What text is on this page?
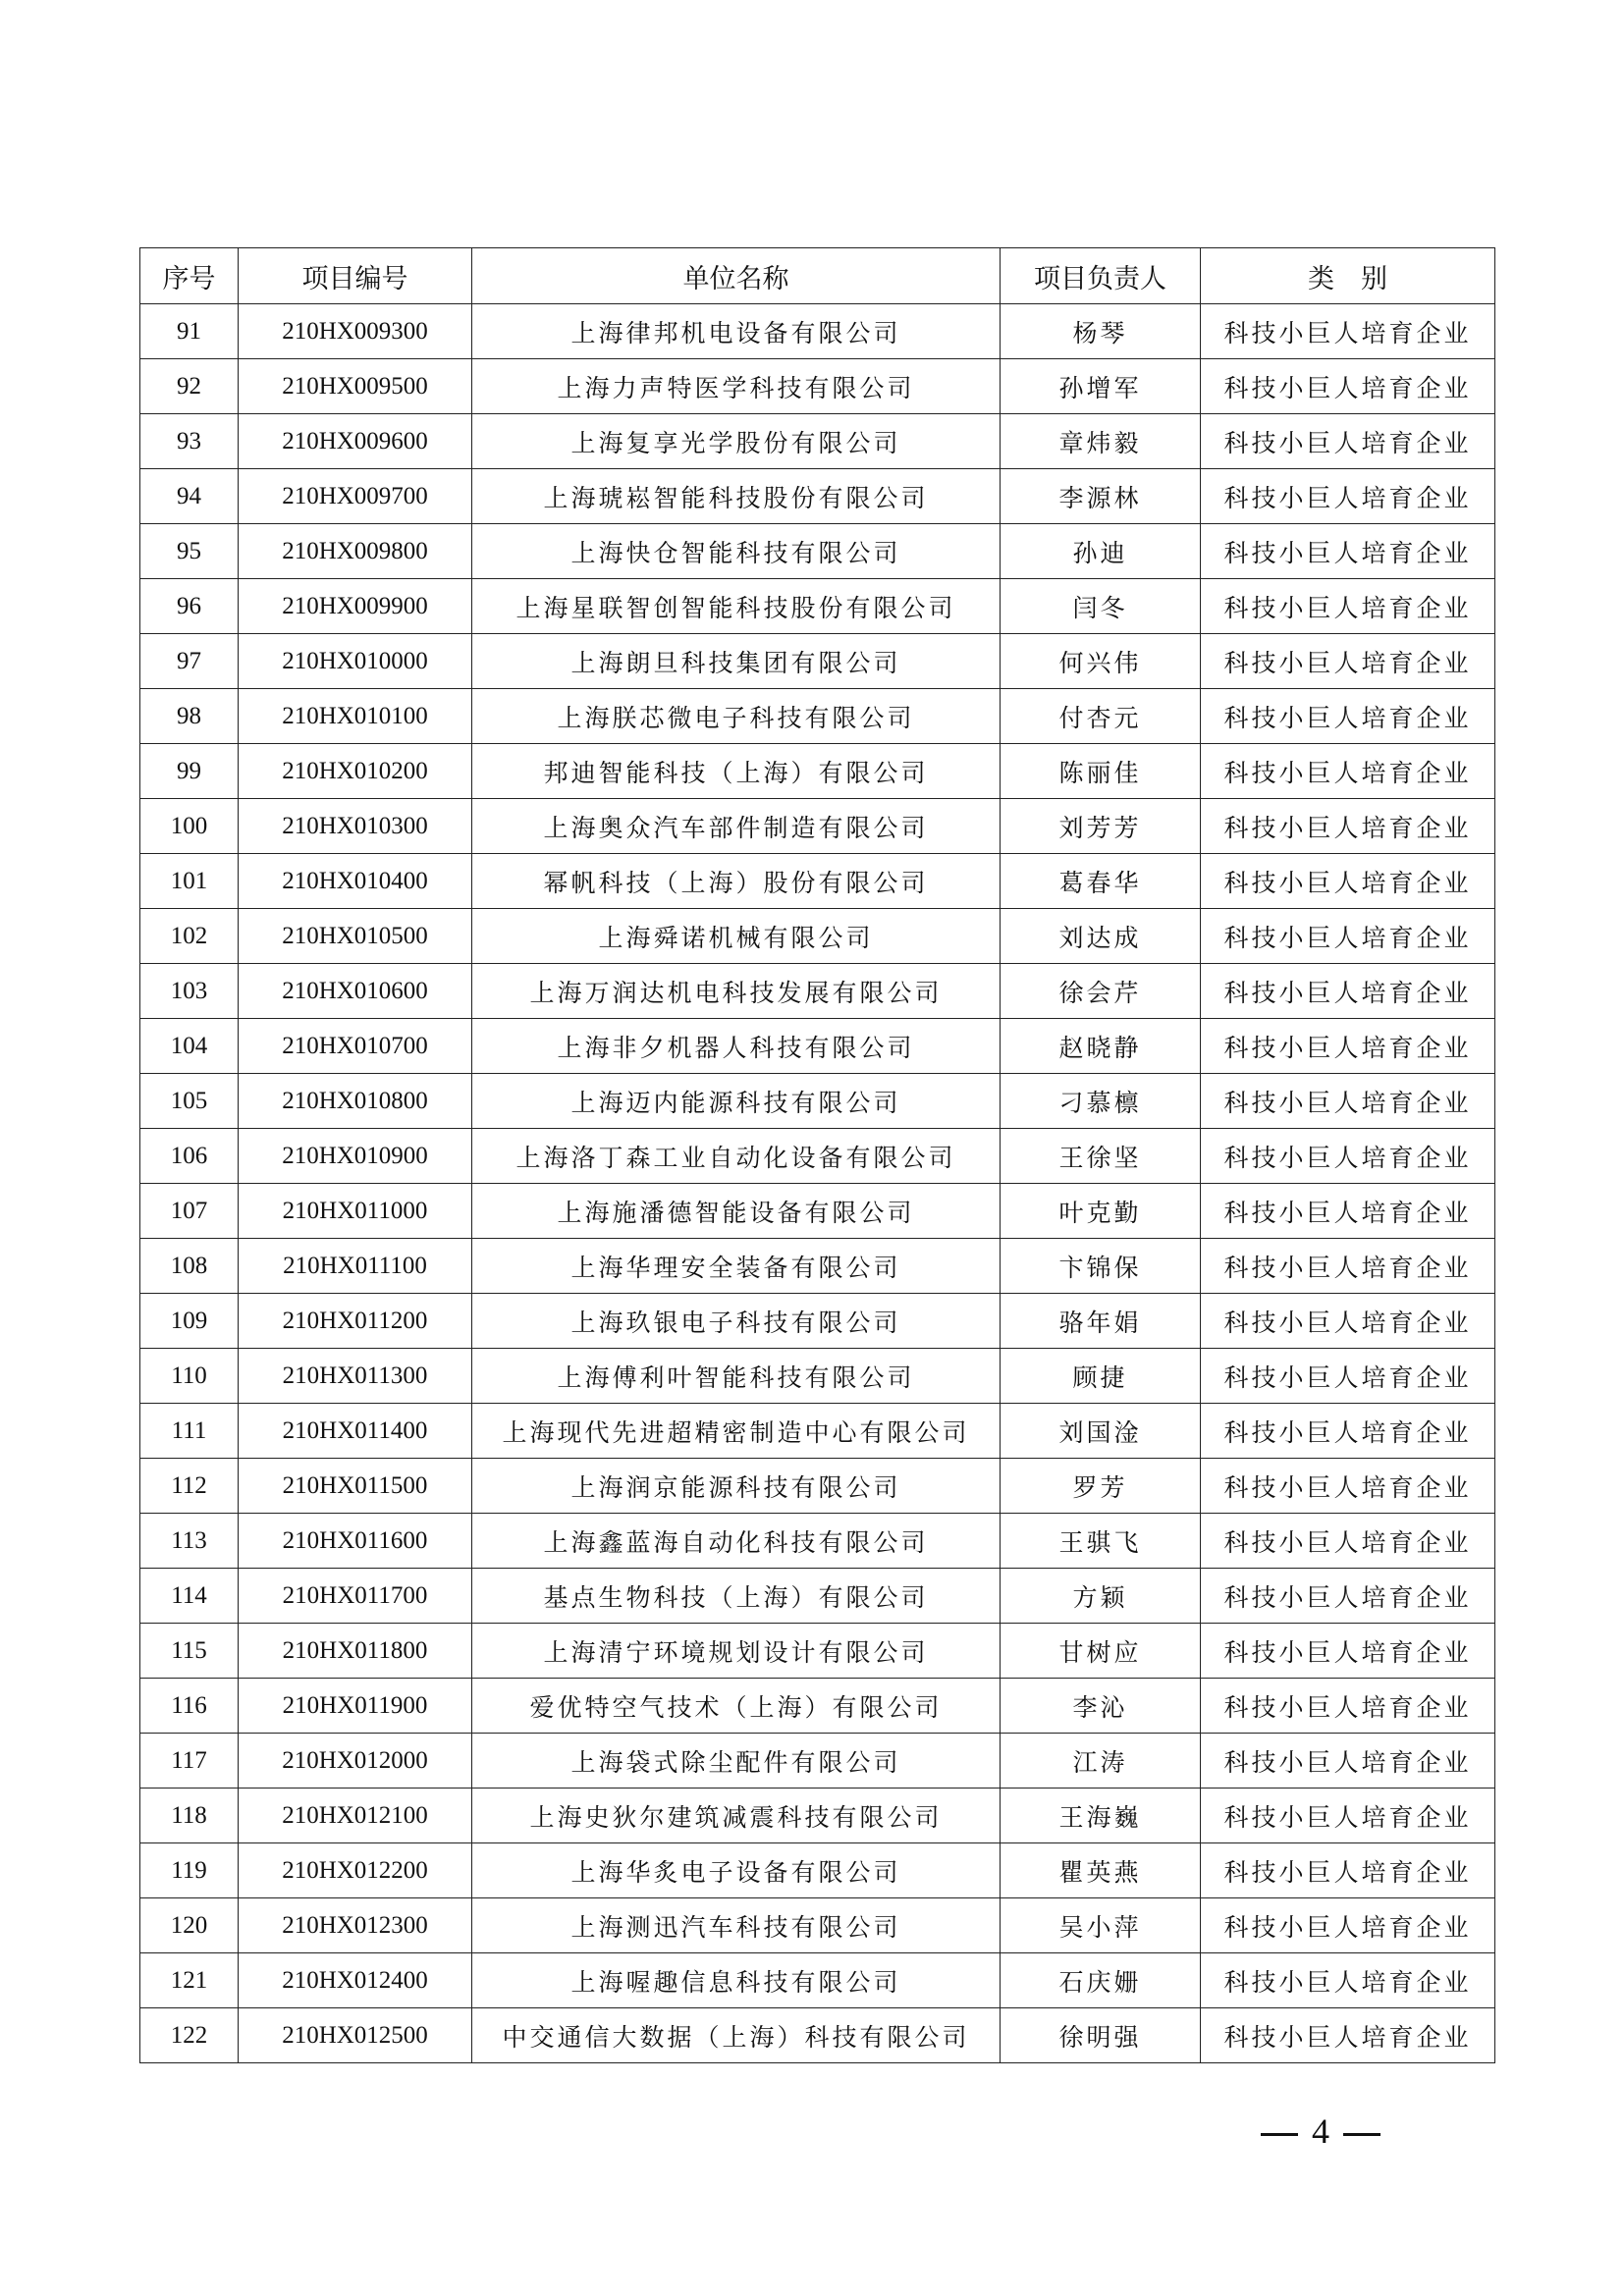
序号	项目编号	单位名称	项目负责人	类　别
91	210HX009300	上海律邦机电设备有限公司	杨琴	科技小巨人培育企业
92	210HX009500	上海力声特医学科技有限公司	孙增军	科技小巨人培育企业
93	210HX009600	上海复享光学股份有限公司	章炜毅	科技小巨人培育企业
94	210HX009700	上海琥崧智能科技股份有限公司	李源林	科技小巨人培育企业
95	210HX009800	上海快仓智能科技有限公司	孙迪	科技小巨人培育企业
96	210HX009900	上海星联智创智能科技股份有限公司	闫冬	科技小巨人培育企业
97	210HX010000	上海朗旦科技集团有限公司	何兴伟	科技小巨人培育企业
98	210HX010100	上海朕芯微电子科技有限公司	付杏元	科技小巨人培育企业
99	210HX010200	邦迪智能科技（上海）有限公司	陈丽佳	科技小巨人培育企业
100	210HX010300	上海奥众汽车部件制造有限公司	刘芳芳	科技小巨人培育企业
101	210HX010400	幂帆科技（上海）股份有限公司	葛春华	科技小巨人培育企业
102	210HX010500	上海舜诺机械有限公司	刘达成	科技小巨人培育企业
103	210HX010600	上海万润达机电科技发展有限公司	徐会芹	科技小巨人培育企业
104	210HX010700	上海非夕机器人科技有限公司	赵晓静	科技小巨人培育企业
105	210HX010800	上海迈内能源科技有限公司	刁慕檩	科技小巨人培育企业
106	210HX010900	上海洛丁森工业自动化设备有限公司	王徐坚	科技小巨人培育企业
107	210HX011000	上海施潘德智能设备有限公司	叶克勤	科技小巨人培育企业
108	210HX011100	上海华理安全装备有限公司	卞锦保	科技小巨人培育企业
109	210HX011200	上海玖银电子科技有限公司	骆年娟	科技小巨人培育企业
110	210HX011300	上海傅利叶智能科技有限公司	顾捷	科技小巨人培育企业
111	210HX011400	上海现代先进超精密制造中心有限公司	刘国淦	科技小巨人培育企业
112	210HX011500	上海润京能源科技有限公司	罗芳	科技小巨人培育企业
113	210HX011600	上海鑫蓝海自动化科技有限公司	王骐飞	科技小巨人培育企业
114	210HX011700	基点生物科技（上海）有限公司	方颖	科技小巨人培育企业
115	210HX011800	上海清宁环境规划设计有限公司	甘树应	科技小巨人培育企业
116	210HX011900	爱优特空气技术（上海）有限公司	李沁	科技小巨人培育企业
117	210HX012000	上海袋式除尘配件有限公司	江涛	科技小巨人培育企业
118	210HX012100	上海史狄尔建筑减震科技有限公司	王海巍	科技小巨人培育企业
119	210HX012200	上海华炙电子设备有限公司	瞿英燕	科技小巨人培育企业
120	210HX012300	上海测迅汽车科技有限公司	吴小萍	科技小巨人培育企业
121	210HX012400	上海喔趣信息科技有限公司	石庆姗	科技小巨人培育企业
122	210HX012500	中交通信大数据（上海）科技有限公司	徐明强	科技小巨人培育企业
4
